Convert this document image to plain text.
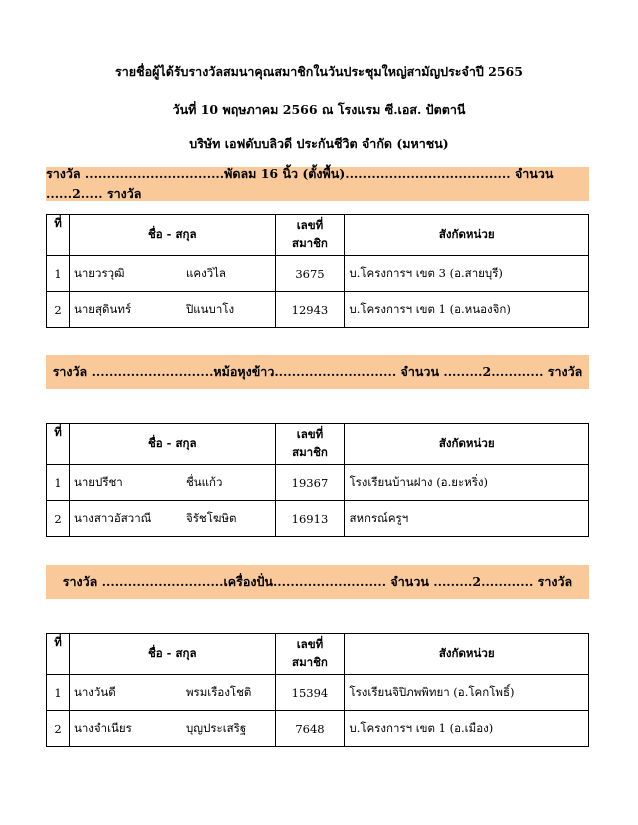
รายชื่อผู้ได้รับรางวัลสมนาคุณสมาชิกในวันประชุมใหญ่สามัญประจำปี 2565
วันที่ 10 พฤษภาคม 2566 ณ โรงแรม ซี.เอส. ปัตตานี
บริษัท เอฟดับบลิวดี ประกันชีวิต จำกัด (มหาชน)
รางวัล ................................พัดลม 16 นิ้ว (ตั้งพื้น)...................................... จำนวน ......2..... รางวัล
ที่	ชื่อ - สกุล	เลขที่สมาชิก	สังกัดหน่วย
1	นายวรวุฒิ แคงวิไล	3675	บ.โครงการฯ เขต 3 (อ.สายบุรี)
2	นายสุดินทร์ ปิแนบาโง	12943	บ.โครงการฯ เขต 1 (อ.หนองจิก)
รางวัล ............................หม้อหุงข้าว............................ จำนวน .........2............ รางวัล
ที่	ชื่อ - สกุล	เลขที่สมาชิก	สังกัดหน่วย
1	นายปรีชา ชื่นแก้ว	19367	โรงเรียนบ้านฝาง (อ.ยะหริ่ง)
2	นางสาวอัสวาณี จิรัชโฆษิต	16913	สหกรณ์ครูฯ
รางวัล ............................เครื่องปั่น.......................... จำนวน .........2............ รางวัล
ที่	ชื่อ - สกุล	เลขที่สมาชิก	สังกัดหน่วย
1	นางวันดี พรมเรืองโชติ	15394	โรงเรียนจิปิภพพิทยา (อ.โคกโพธิ์)
2	นางจำเนียร บุญประเสริฐ	7648	บ.โครงการฯ เขต 1 (อ.เมือง)
